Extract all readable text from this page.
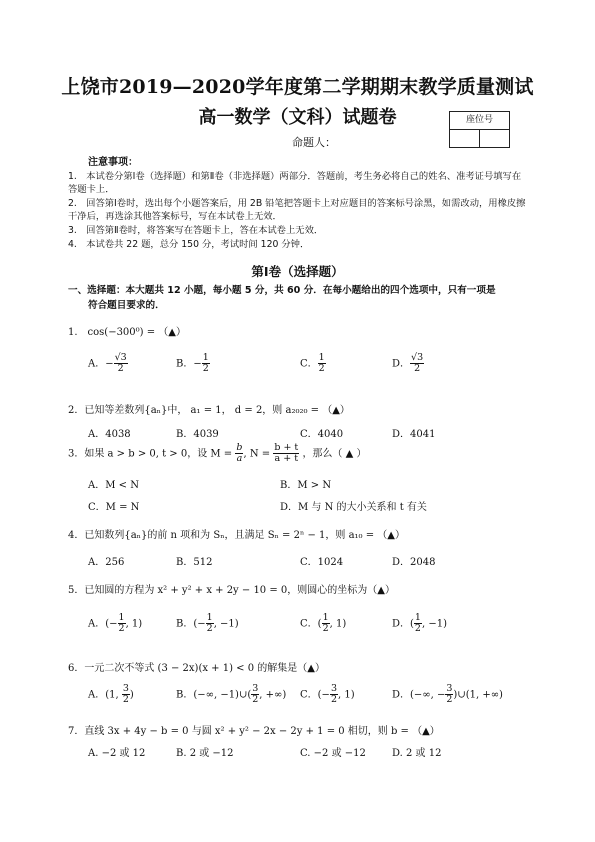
上饶市2019—2020学年度第二学期期末教学质量测试
高一数学（文科）试题卷
命题人：
座位号
注意事项：
1.　本试卷分第Ⅰ卷（选择题）和第Ⅱ卷（非选择题）两部分．答题前，考生务必将自己的姓名、准考证号填写在答题卡上．
2.　回答第Ⅰ卷时，选出每个小题答案后，用 2B 铅笔把答题卡上对应题目的答案标号涂黑，如需改动，用橡皮擦干净后，再选涂其他答案标号，写在本试卷上无效．
3.　回答第Ⅱ卷时，将答案写在答题卡上，答在本试卷上无效．
4.　本试卷共 22 题，总分 150 分，考试时间 120 分钟．
第Ⅰ卷（选择题）
一、选择题：本大题共 12 小题，每小题 5 分，共 60 分．在每小题给出的四个选项中，只有一项是
符合题目要求的．
1.　cos(−300⁰) = （▲）
A．− $\frac{√3}{2}$	B．− $\frac{1}{2}$	C． $\frac{1}{2}$	D． $\frac{√3}{2}$
2．已知等差数列{aₙ}中， a₁ = 1， d = 2，则 a₂₀₂₀ = （▲）
A．4038	B．4039	C．4040	D．4041
3．如果 a > b > 0, t > 0，设 $M = \frac{b}{a}$ , $N = \frac{b + t}{a + t}$ ，那么（ ▲ ）
A．M < N	B．M > N
C．M = N	D．M 与 N 的大小关系和 t 有关
4．已知数列{aₙ}的前 n 项和为 Sₙ，且满足 Sₙ = 2ⁿ − 1，则 a₁₀ = （▲）
A．256	B．512	C．1024	D．2048
5．已知圆的方程为 x² + y² + x + 2y − 10 = 0，则圆心的坐标为（▲）
A．(− $\frac{1}{2}$ , 1)	B．(− $\frac{1}{2}$ , −1)	C．( $\frac{1}{2}$ , 1)	D．( $\frac{1}{2}$ , −1)
6．一元二次不等式 (3 − 2x)(x + 1) < 0 的解集是（▲）
A．(1, $\frac{3}{2}$ )	B．(−∞, −1)∪( $\frac{3}{2}$ , +∞) C．(− $\frac{3}{2}$ , 1)	D．(−∞, − $\frac{3}{2}$ )∪(1, +∞)
7．直线 3x + 4y − b = 0 与圆 x² + y² − 2x − 2y + 1 = 0 相切，则 b = （▲）
A. −2 或 12	B. 2 或 −12	C. −2 或 −12	D. 2 或 12
